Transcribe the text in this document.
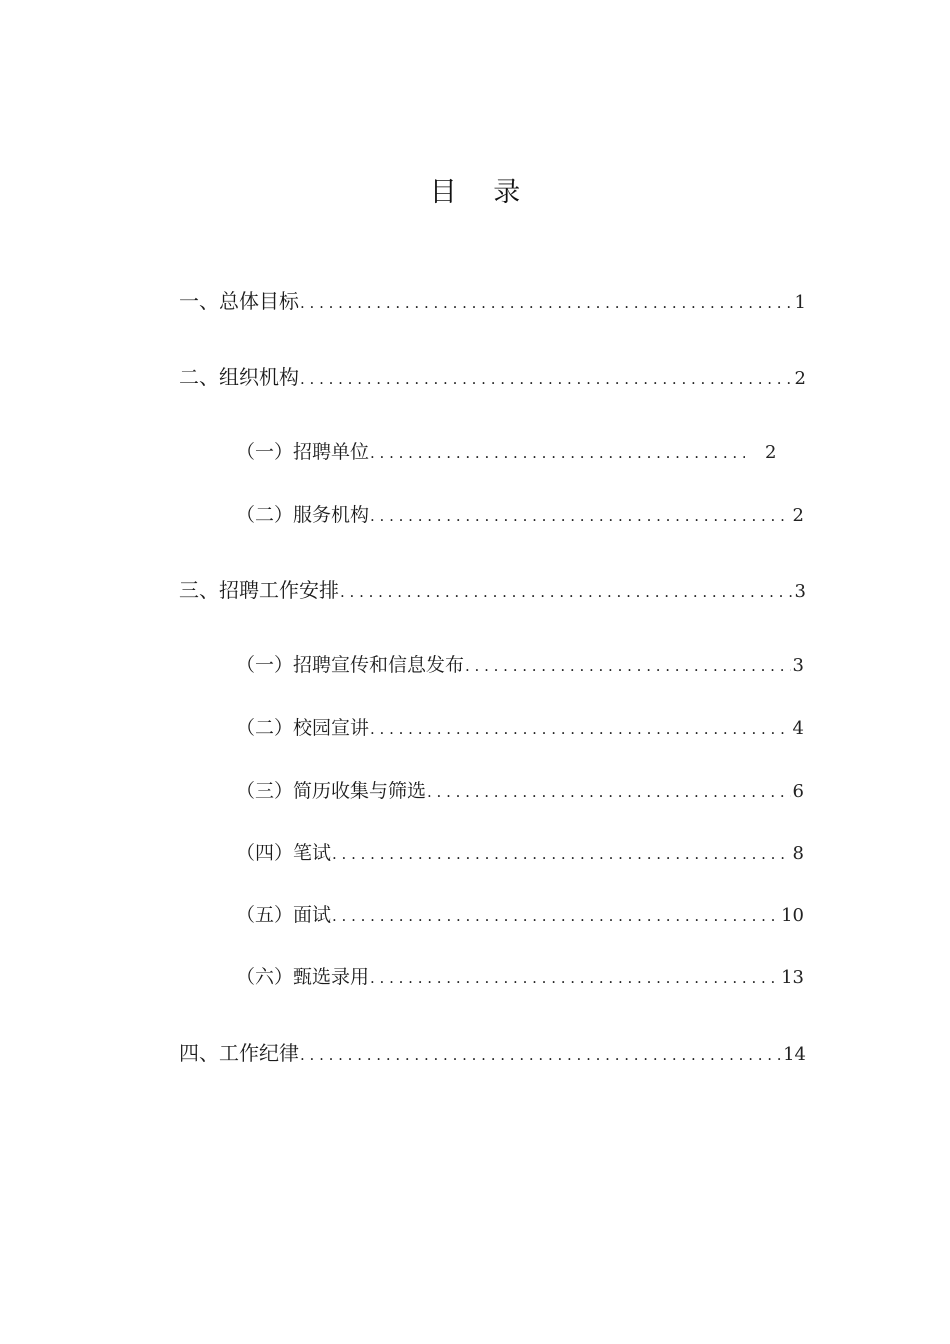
目 录
一、总体目标 . . .	1
二、组织机构 . . .	2
（一）招聘单位 . . .	2
（二）服务机构 . . .	2
三、招聘工作安排 . . .	3
（一）招聘宣传和信息发布 . . .	3
（二）校园宣讲 . . .	4
（三）简历收集与筛选 . . .	6
（四）笔试 . . .	8
（五）面试 . . .	10
（六）甄选录用 . . .	13
四、工作纪律 . . .	14
